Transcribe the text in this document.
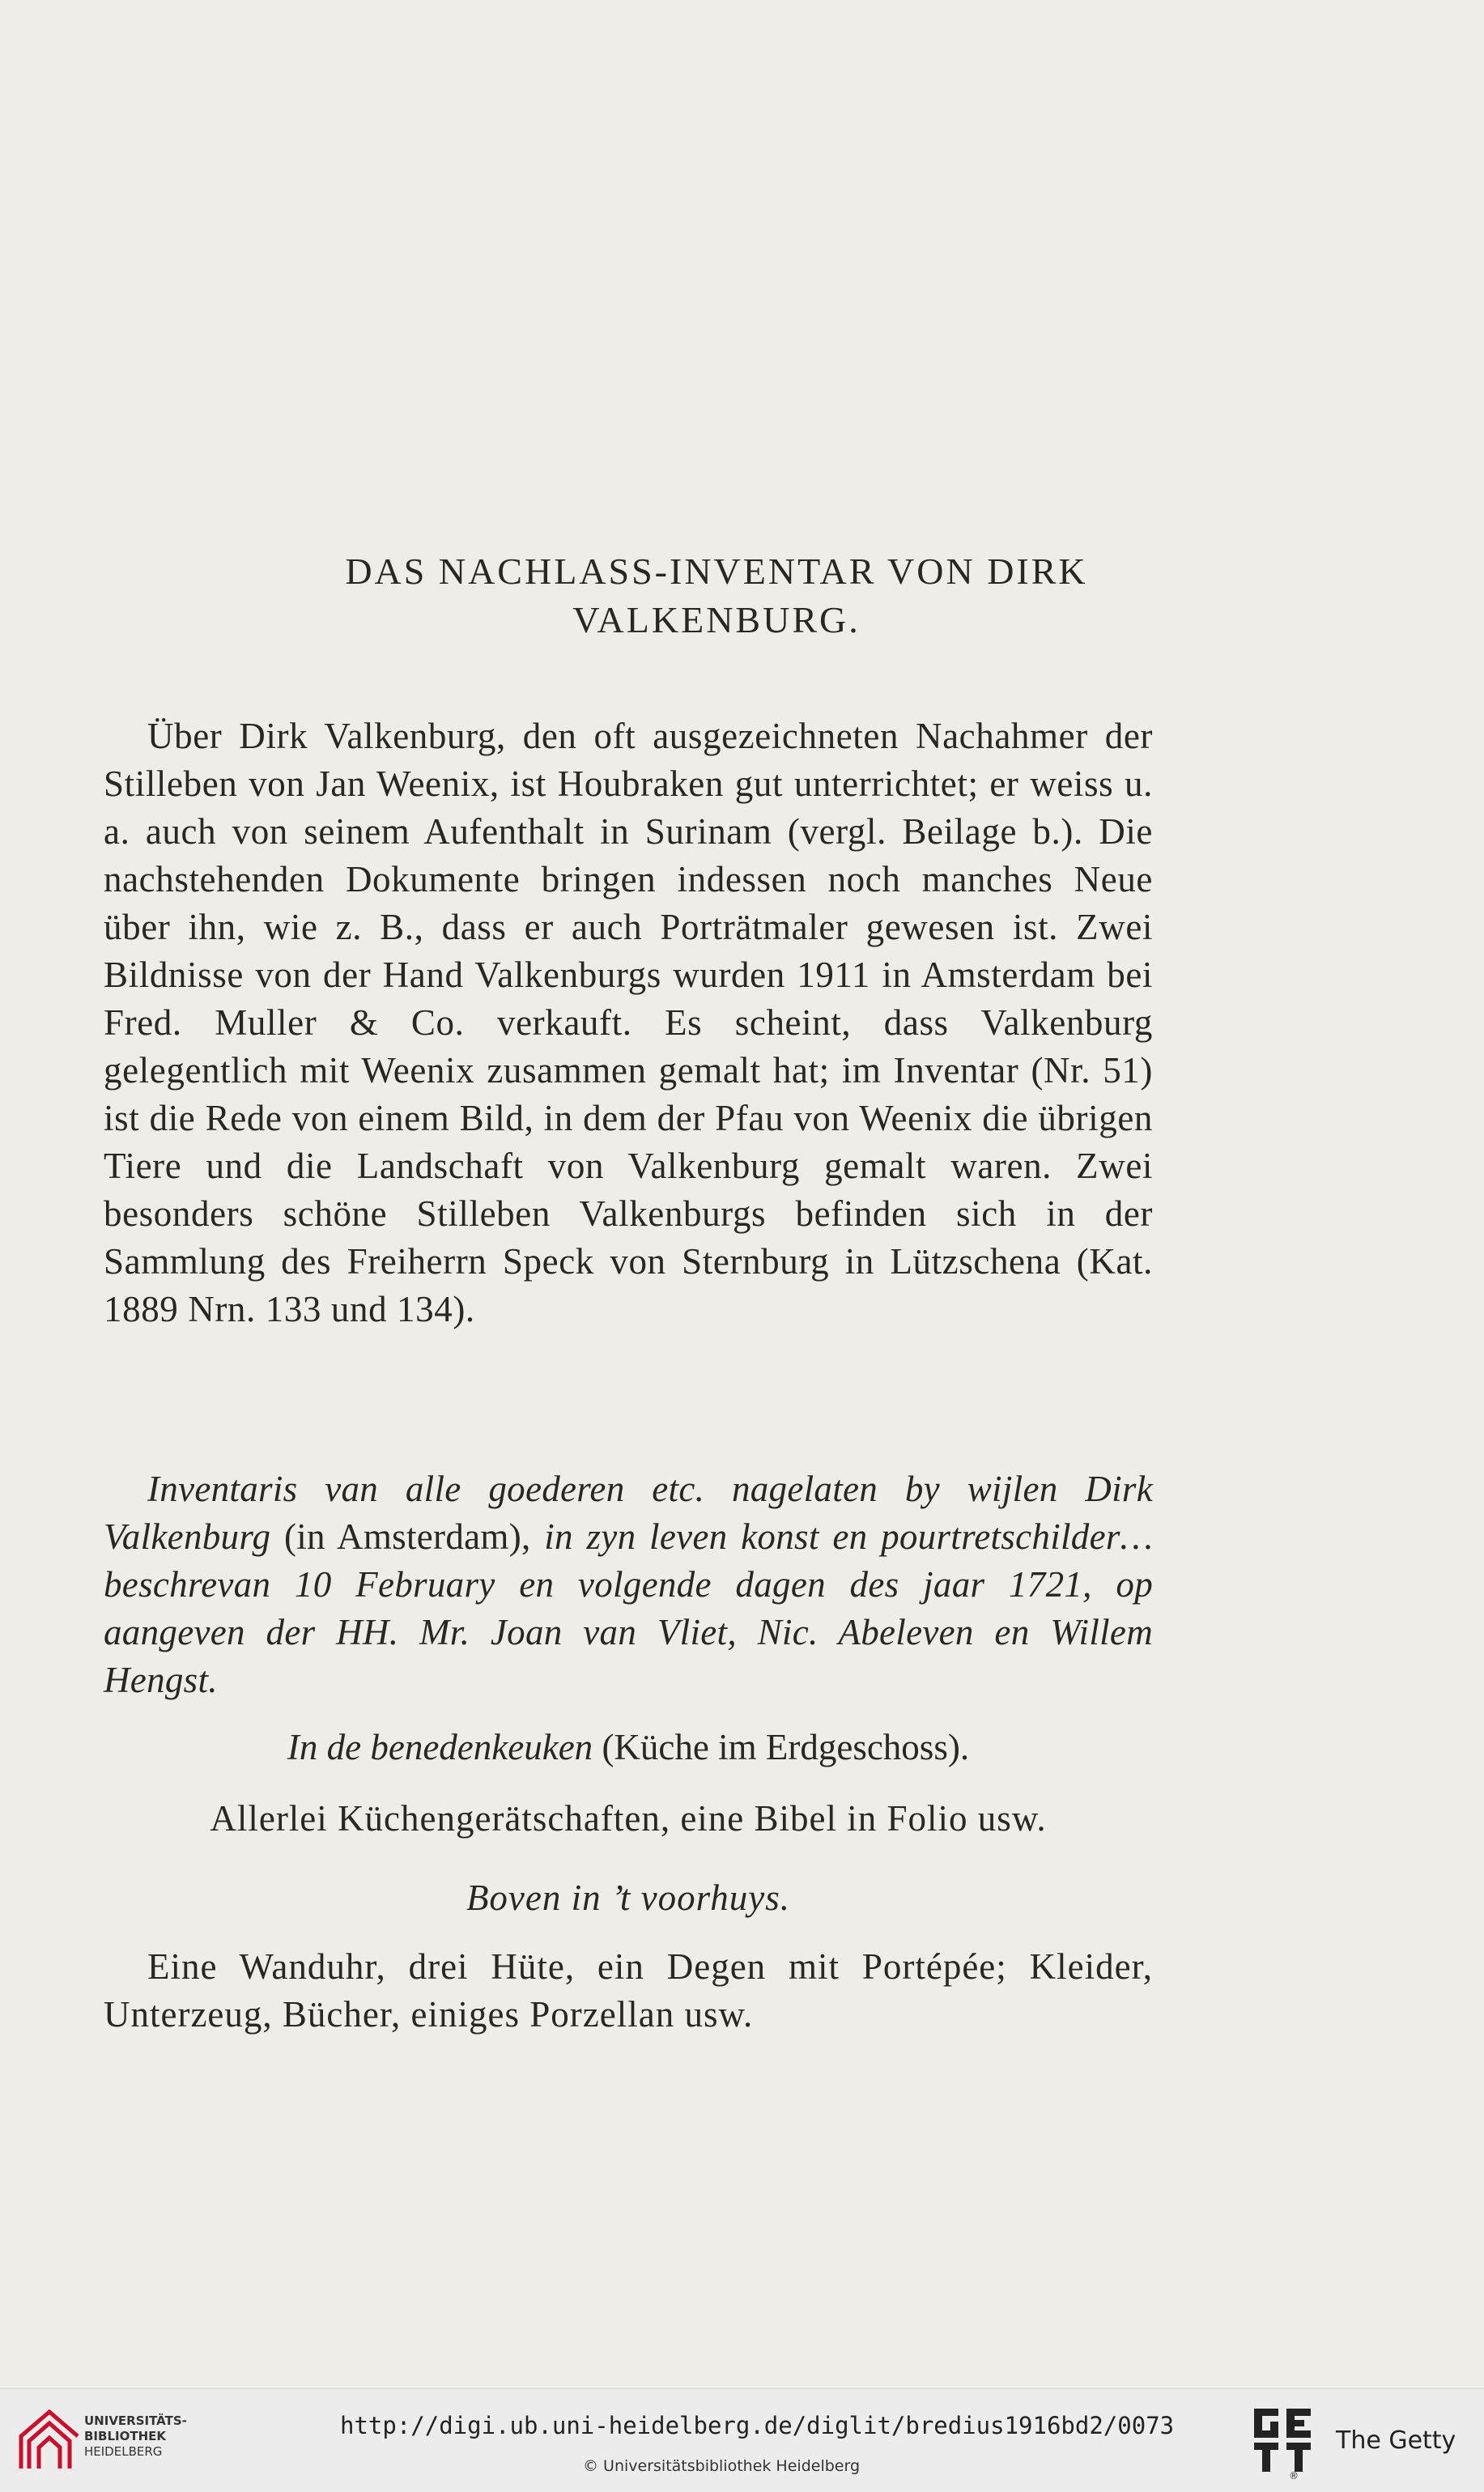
DAS NACHLASS-INVENTAR VON DIRK
VALKENBURG.

Über Dirk Valkenburg, den oft ausgezeichneten Nachahmer der Stilleben von Jan Weenix, ist Houbraken gut unterrichtet; er weiss u. a. auch von seinem Aufenthalt in Surinam (vergl. Beilage b.). Die nachstehenden Dokumente bringen indessen noch manches Neue über ihn, wie z. B., dass er auch Porträtmaler gewesen ist. Zwei Bildnisse von der Hand Valkenburgs wurden 1911 in Amsterdam bei Fred. Muller & Co. verkauft. Es scheint, dass Valkenburg gelegentlich mit Weenix zusammen gemalt hat; im Inventar (Nr. 51) ist die Rede von einem Bild, in dem der Pfau von Weenix die übrigen Tiere und die Landschaft von Valkenburg gemalt waren. Zwei besonders schöne Stilleben Valkenburgs befinden sich in der Sammlung des Freiherrn Speck von Sternburg in Lützschena (Kat. 1889 Nrn. 133 und 134).

Inventaris van alle goederen etc. nagelaten by wijlen Dirk Valkenburg (in Amsterdam), in zyn leven konst en pourtretschilder… beschrevan 10 February en volgende dagen des jaar 1721, op aangeven der HH. Mr. Joan van Vliet, Nic. Abeleven en Willem Hengst.

In de benedenkeuken (Küche im Erdgeschoss).
Allerlei Küchengerätschaften, eine Bibel in Folio usw.
Boven in ’t voorhuys.

Eine Wanduhr, drei Hüte, ein Degen mit Portépée; Kleider, Unterzeug, Bücher, einiges Porzellan usw.

UNIVERSITÄTS-
BIBLIOTHEK
HEIDELBERG
http://digi.ub.uni-heidelberg.de/diglit/bredius1916bd2/0073
© Universitätsbibliothek Heidelberg
®
The Getty
